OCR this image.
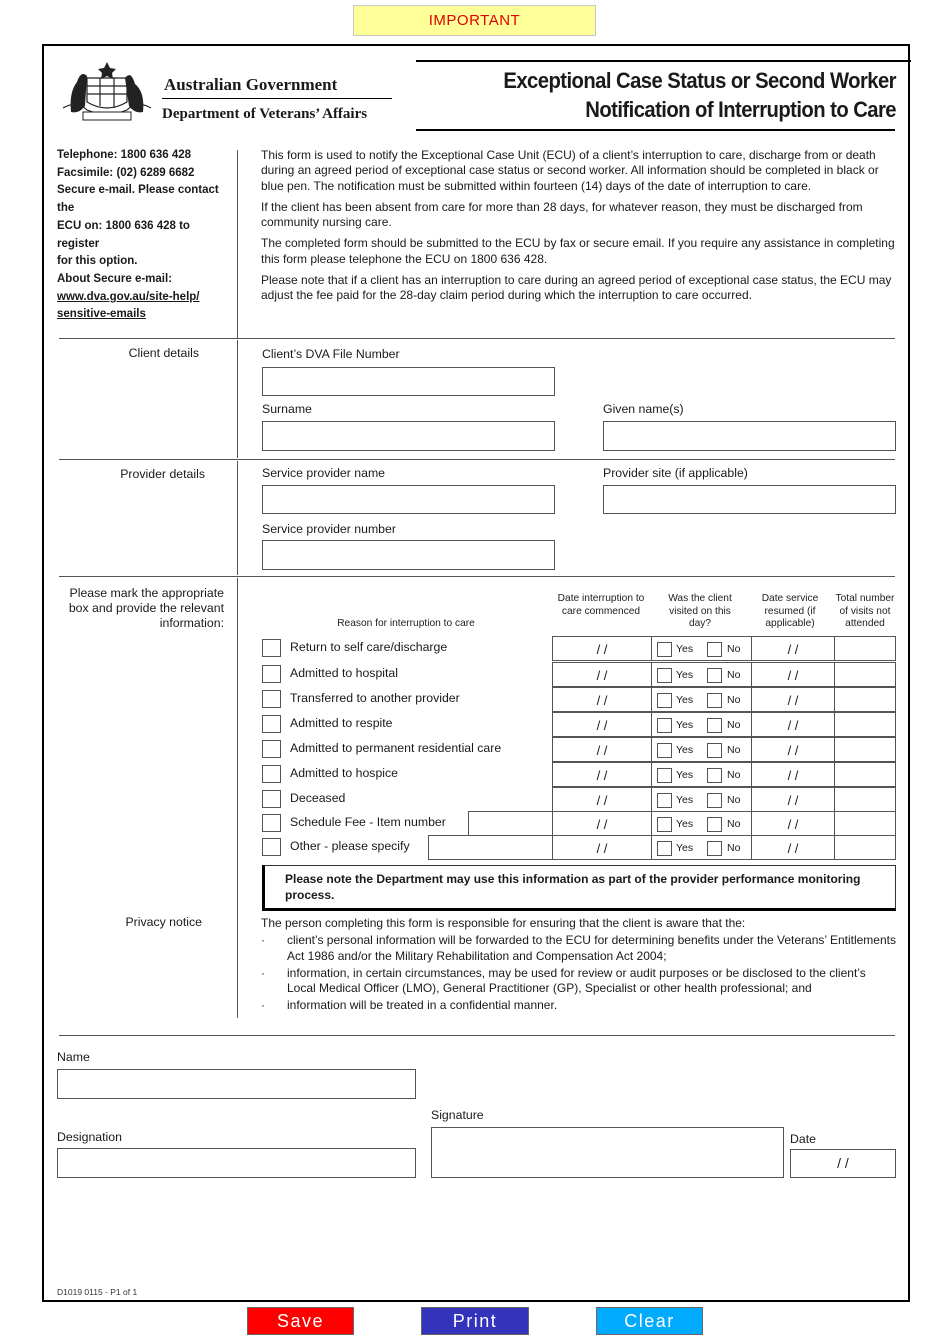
IMPORTANT
Australian Government
Department of Veterans’ Affairs
Exceptional Case Status or Second Worker
Notification of Interruption to Care
Telephone: 1800 636 428
Facsimile: (02) 6289 6682
Secure e-mail. Please contact the
ECU on: 1800 636 428 to register
for this option.
About Secure e-mail:
www.dva.gov.au/site-help/
sensitive-emails

This form is used to notify the Exceptional Case Unit (ECU) of a client’s interruption to care, discharge from or death during an agreed period of exceptional case status or second worker. All information should be completed in black or blue pen. The notification must be submitted within fourteen (14) days of the date of interruption to care.

If the client has been absent from care for more than 28 days, for whatever reason, they must be discharged from community nursing care.

The completed form should be submitted to the ECU by fax or secure email. If you require any assistance in completing this form please telephone the ECU on 1800 636 428.

Please note that if a client has an interruption to care during an agreed period of exceptional case status, the ECU may adjust the fee paid for the 28-day claim period during which the interruption to care occurred.

Client details	Client’s DVA File Number
Surname	Given name(s)
Provider details	Service provider name	Provider site (if applicable)
Service provider number
Please mark the appropriate box and provide the relevant information:	Reason for interruption to care
Date interruption to care commenced
Was the client visited on this day?
Date service resumed (if applicable)
Total number of visits not attended
Return to self care/discharge	/ /	Yes	No	/ /
Admitted to hospital	/ /	Yes	No	/ /
Transferred to another provider	/ /	Yes	No	/ /
Admitted to respite	/ /	Yes	No	/ /
Admitted to permanent residential care	/ /	Yes	No	/ /
Admitted to hospice	/ /	Yes	No	/ /
Deceased	/ /	Yes	No	/ /
Schedule Fee - Item number	/ /	Yes	No	/ /
Other - please specify	/ /	Yes	No	/ /
Please note the Department may use this information as part of the provider performance monitoring process.
Privacy notice	The person completing this form is responsible for ensuring that the client is aware that the:
· client’s personal information will be forwarded to the ECU for determining benefits under the Veterans’ Entitlements Act 1986 and/or the Military Rehabilitation and Compensation Act 2004;
· information, in certain circumstances, may be used for review or audit purposes or be disclosed to the client’s Local Medical Officer (LMO), General Practitioner (GP), Specialist or other health professional; and
· information will be treated in a confidential manner.
Name
Signature
Designation	Date
/ /
D1019 0115 - P1 of 1
Save	Print	Clear
